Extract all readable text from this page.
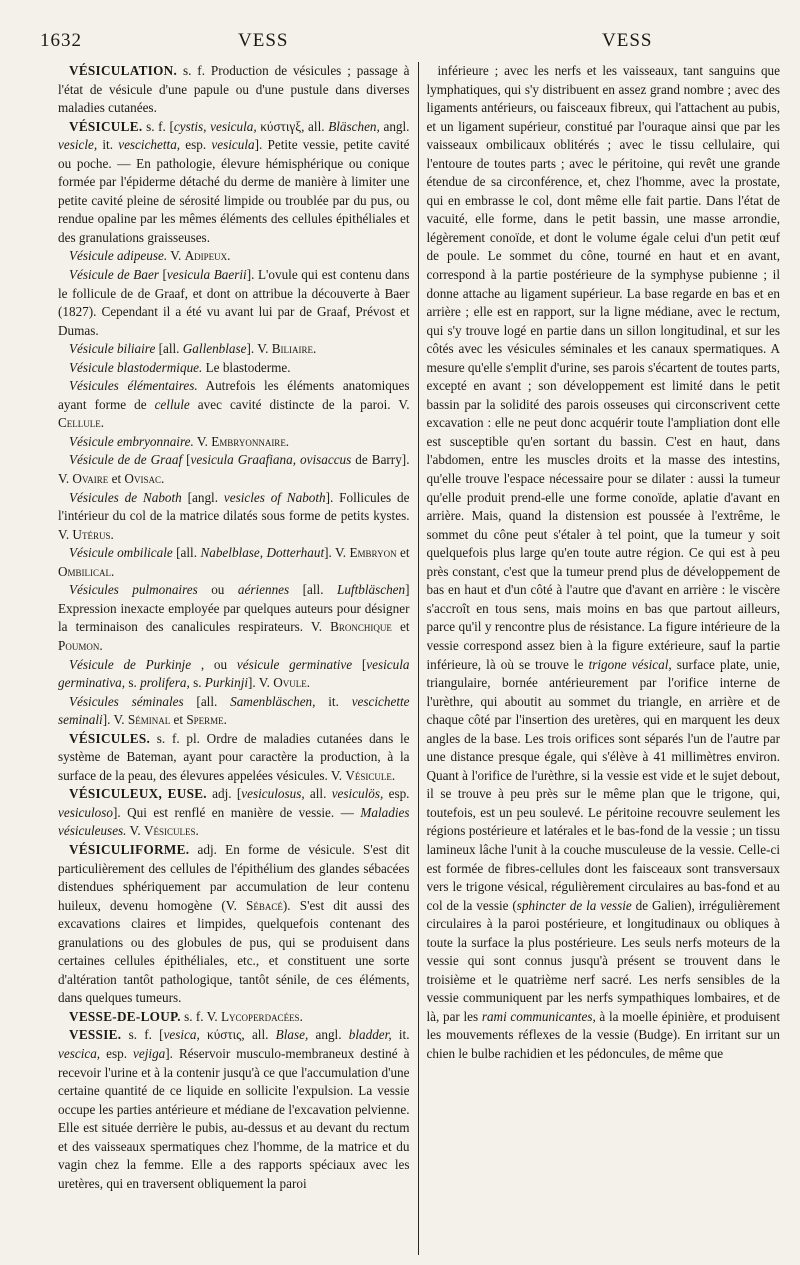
1632	VESS	VESS

VÉSICULATION. s. f. Production de vésicules ; passage à l'état de vésicule d'une papule ou d'une pustule dans diverses maladies cutanées.

VÉSICULE. s. f. [cystis, vesicula, κύστιγξ, all. Bläschen, angl. vesicle, it. vescichetta, esp. vesicula]. Petite vessie, petite cavité ou poche. — En pathologie, élevure hémisphérique ou conique formée par l'épiderme détaché du derme de manière à limiter une petite cavité pleine de sérosité limpide ou troublée par du pus, ou rendue opaline par les mêmes éléments des cellules épithéliales et des granulations graisseuses.

Vésicule adipeuse. V. Adipeux.

Vésicule de Baer [vesicula Baerii]. L'ovule qui est contenu dans le follicule de de Graaf, et dont on attribue la découverte à Baer (1827). Cependant il a été vu avant lui par de Graaf, Prévost et Dumas.

Vésicule biliaire [all. Gallenblase]. V. Biliaire.

Vésicule blastodermique. Le blastoderme.

Vésicules élémentaires. Autrefois les éléments anatomiques ayant forme de cellule avec cavité distincte de la paroi. V. Cellule.

Vésicule embryonnaire. V. Embryonnaire.

Vésicule de de Graaf [vesicula Graafiana, ovisaccus de Barry]. V. Ovaire et Ovisac.

Vésicules de Naboth [angl. vesicles of Naboth]. Follicules de l'intérieur du col de la matrice dilatés sous forme de petits kystes. V. Utérus.

Vésicule ombilicale [all. Nabelblase, Dotterhaut]. V. Embryon et Ombilical.

Vésicules pulmonaires ou aériennes [all. Luftbläschen] Expression inexacte employée par quelques auteurs pour désigner la terminaison des canalicules respirateurs. V. Bronchique et Poumon.

Vésicule de Purkinje , ou vésicule germinative [vesicula germinativa, s. prolifera, s. Purkinji]. V. Ovule.

Vésicules séminales [all. Samenbläschen, it. vescichette seminali]. V. Séminal et Sperme.

VÉSICULES. s. f. pl. Ordre de maladies cutanées dans le système de Bateman, ayant pour caractère la production, à la surface de la peau, des élevures appelées vésicules. V. Vésicule.

VÉSICULEUX, EUSE. adj. [vesiculosus, all. vesiculös, esp. vesiculoso]. Qui est renflé en manière de vessie. — Maladies vésiculeuses. V. Vésicules.

VÉSICULIFORME. adj. En forme de vésicule. S'est dit particulièrement des cellules de l'épithélium des glandes sébacées distendues sphériquement par accumulation de leur contenu huileux, devenu homogène (V. Sébacé). S'est dit aussi des excavations claires et limpides, quelquefois contenant des granulations ou des globules de pus, qui se produisent dans certaines cellules épithéliales, etc., et constituent une sorte d'altération tantôt pathologique, tantôt sénile, de ces éléments, dans quelques tumeurs.

VESSE-DE-LOUP. s. f. V. Lycoperdacées.

VESSIE. s. f. [vesica, κύστις, all. Blase, angl. bladder, it. vescica, esp. vejiga]. Réservoir musculo-membraneux destiné à recevoir l'urine et à la contenir jusqu'à ce que l'accumulation d'une certaine quantité de ce liquide en sollicite l'expulsion. La vessie occupe les parties antérieure et médiane de l'excavation pelvienne. Elle est située derrière le pubis, au-dessus et au devant du rectum et des vaisseaux spermatiques chez l'homme, de la matrice et du vagin chez la femme. Elle a des rapports spéciaux avec les uretères, qui en traversent obliquement la paroi

inférieure ; avec les nerfs et les vaisseaux, tant sanguins que lymphatiques, qui s'y distribuent en assez grand nombre ; avec des ligaments antérieurs, ou faisceaux fibreux, qui l'attachent au pubis, et un ligament supérieur, constitué par l'ouraque ainsi que par les vaisseaux ombilicaux oblitérés ; avec le tissu cellulaire, qui l'entoure de toutes parts ; avec le péritoine, qui revêt une grande étendue de sa circonférence, et, chez l'homme, avec la prostate, qui en embrasse le col, dont même elle fait partie. Dans l'état de vacuité, elle forme, dans le petit bassin, une masse arrondie, légèrement conoïde, et dont le volume égale celui d'un petit œuf de poule. Le sommet du cône, tourné en haut et en avant, correspond à la partie postérieure de la symphyse pubienne ; il donne attache au ligament supérieur. La base regarde en bas et en arrière ; elle est en rapport, sur la ligne médiane, avec le rectum, qui s'y trouve logé en partie dans un sillon longitudinal, et sur les côtés avec les vésicules séminales et les canaux spermatiques. A mesure qu'elle s'emplit d'urine, ses parois s'écartent de toutes parts, excepté en avant ; son développement est limité dans le petit bassin par la solidité des parois osseuses qui circonscrivent cette excavation : elle ne peut donc acquérir toute l'ampliation dont elle est susceptible qu'en sortant du bassin. C'est en haut, dans l'abdomen, entre les muscles droits et la masse des intestins, qu'elle trouve l'espace nécessaire pour se dilater : aussi la tumeur qu'elle produit prend-elle une forme conoïde, aplatie d'avant en arrière. Mais, quand la distension est poussée à l'extrême, le sommet du cône peut s'étaler à tel point, que la tumeur y soit quelquefois plus large qu'en toute autre région. Ce qui est à peu près constant, c'est que la tumeur prend plus de développement de bas en haut et d'un côté à l'autre que d'avant en arrière : le viscère s'accroît en tous sens, mais moins en bas que partout ailleurs, parce qu'il y rencontre plus de résistance. La figure intérieure de la vessie correspond assez bien à la figure extérieure, sauf la partie inférieure, là où se trouve le trigone vésical, surface plate, unie, triangulaire, bornée antérieurement par l'orifice interne de l'urèthre, qui aboutit au sommet du triangle, en arrière et de chaque côté par l'insertion des uretères, qui en marquent les deux angles de la base. Les trois orifices sont séparés l'un de l'autre par une distance presque égale, qui s'élève à 41 millimètres environ. Quant à l'orifice de l'urèthre, si la vessie est vide et le sujet debout, il se trouve à peu près sur le même plan que le trigone, qui, toutefois, est un peu soulevé. Le péritoine recouvre seulement les régions postérieure et latérales et le bas-fond de la vessie ; un tissu lamineux lâche l'unit à la couche musculeuse de la vessie. Celle-ci est formée de fibres-cellules dont les faisceaux sont transversaux vers le trigone vésical, régulièrement circulaires au bas-fond et au col de la vessie (sphincter de la vessie de Galien), irrégulièrement circulaires à la paroi postérieure, et longitudinaux ou obliques à toute la surface la plus postérieure. Les seuls nerfs moteurs de la vessie qui sont connus jusqu'à présent se trouvent dans le troisième et le quatrième nerf sacré. Les nerfs sensibles de la vessie communiquent par les nerfs sympathiques lombaires, et de là, par les rami communicantes, à la moelle épinière, et produisent les mouvements réflexes de la vessie (Budge). En irritant sur un chien le bulbe rachidien et les pédoncules, de même que
